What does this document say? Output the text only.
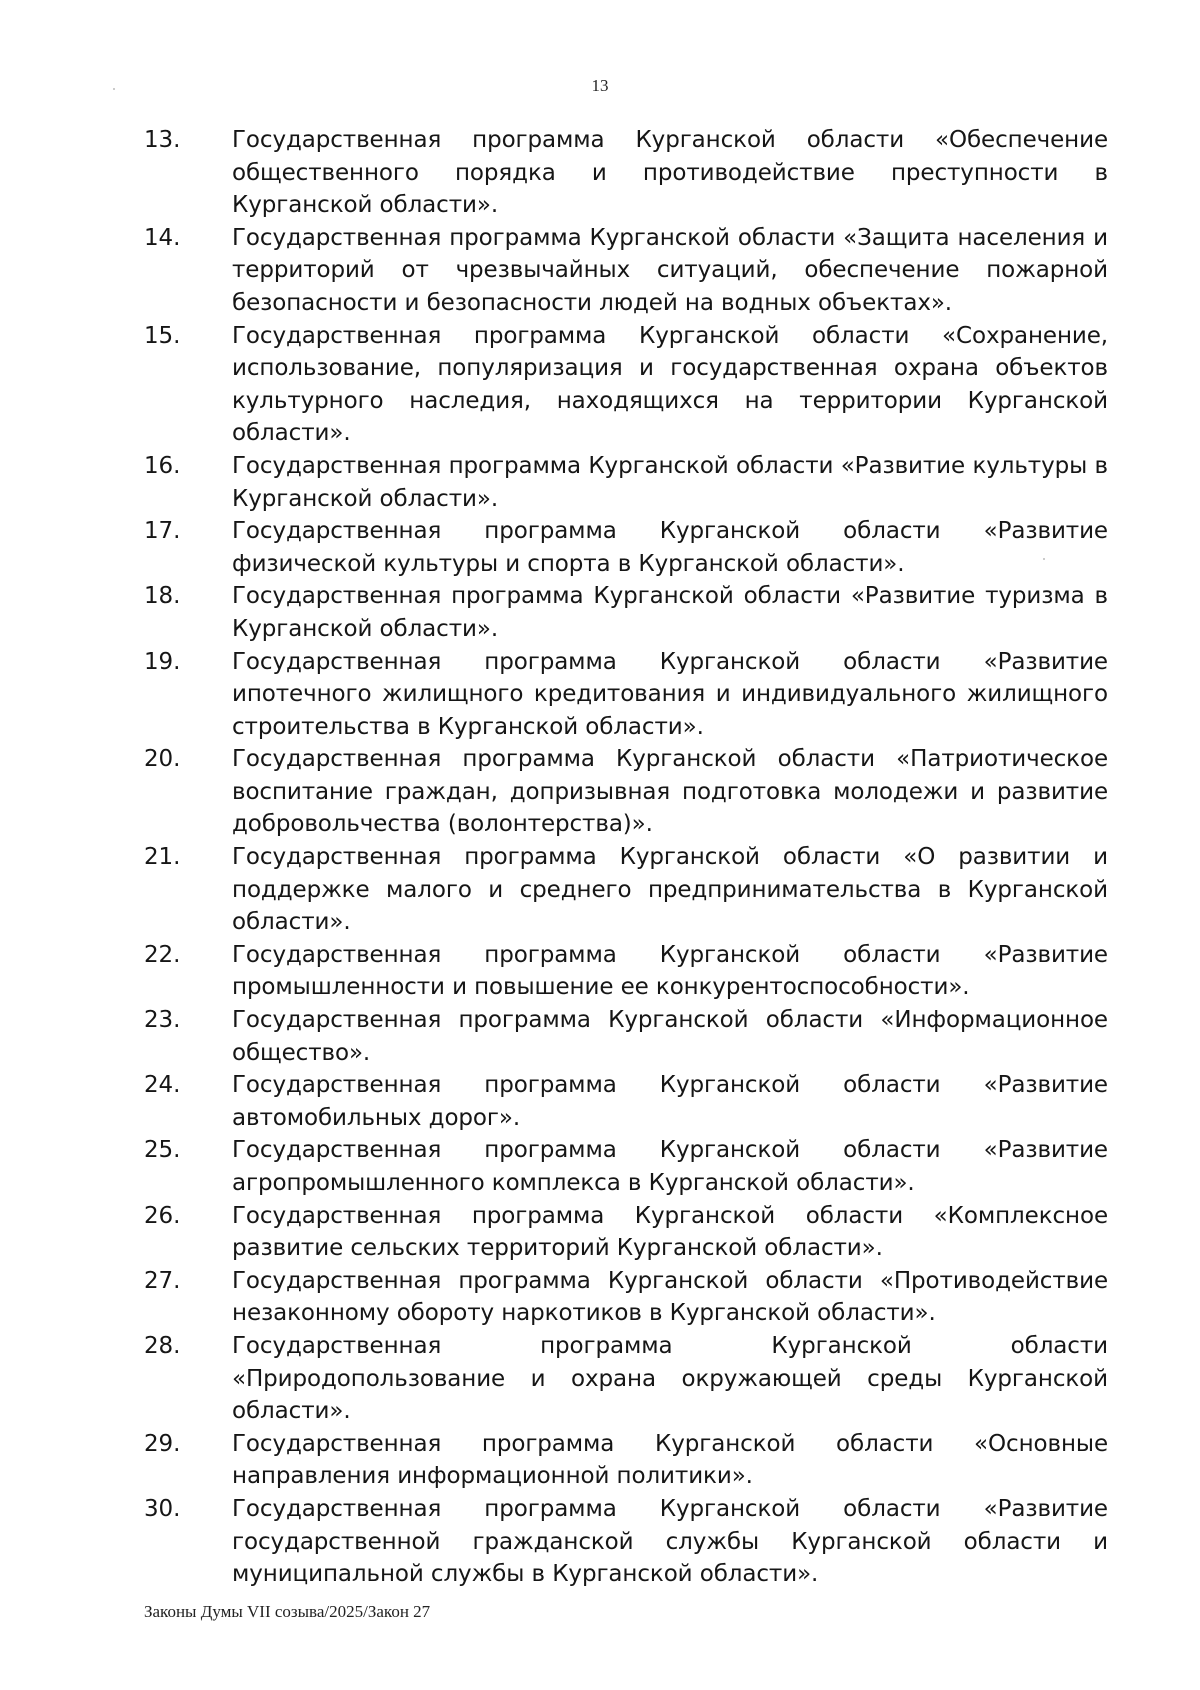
13
13.	Государственная программа Курганской области «Обеспечение общественного порядка и противодействие преступности в Курганской области».
14.	Государственная программа Курганской области «Защита населения и территорий от чрезвычайных ситуаций, обеспечение пожарной безопасности и безопасности людей на водных объектах».
15.	Государственная программа Курганской области «Сохранение, использование, популяризация и государственная охрана объектов культурного наследия, находящихся на территории Курганской области».
16.	Государственная программа Курганской области «Развитие культуры в Курганской области».
17.	Государственная программа Курганской области «Развитие физической культуры и спорта в Курганской области».
18.	Государственная программа Курганской области «Развитие туризма в Курганской области».
19.	Государственная программа Курганской области «Развитие ипотечного жилищного кредитования и индивидуального жилищного строительства в Курганской области».
20.	Государственная программа Курганской области «Патриотическое воспитание граждан, допризывная подготовка молодежи и развитие добровольчества (волонтерства)».
21.	Государственная программа Курганской области «О развитии и поддержке малого и среднего предпринимательства в Курганской области».
22.	Государственная программа Курганской области «Развитие промышленности и повышение ее конкурентоспособности».
23.	Государственная программа Курганской области «Информационное общество».
24.	Государственная программа Курганской области «Развитие автомобильных дорог».
25.	Государственная программа Курганской области «Развитие агропромышленного комплекса в Курганской области».
26.	Государственная программа Курганской области «Комплексное развитие сельских территорий Курганской области».
27.	Государственная программа Курганской области «Противодействие незаконному обороту наркотиков в Курганской области».
28.	Государственная программа Курганской области «Природопользование и охрана окружающей среды Курганской области».
29.	Государственная программа Курганской области «Основные направления информационной политики».
30.	Государственная программа Курганской области «Развитие государственной гражданской службы Курганской области и муниципальной службы в Курганской области».
Законы Думы VII созыва/2025/Закон 27
